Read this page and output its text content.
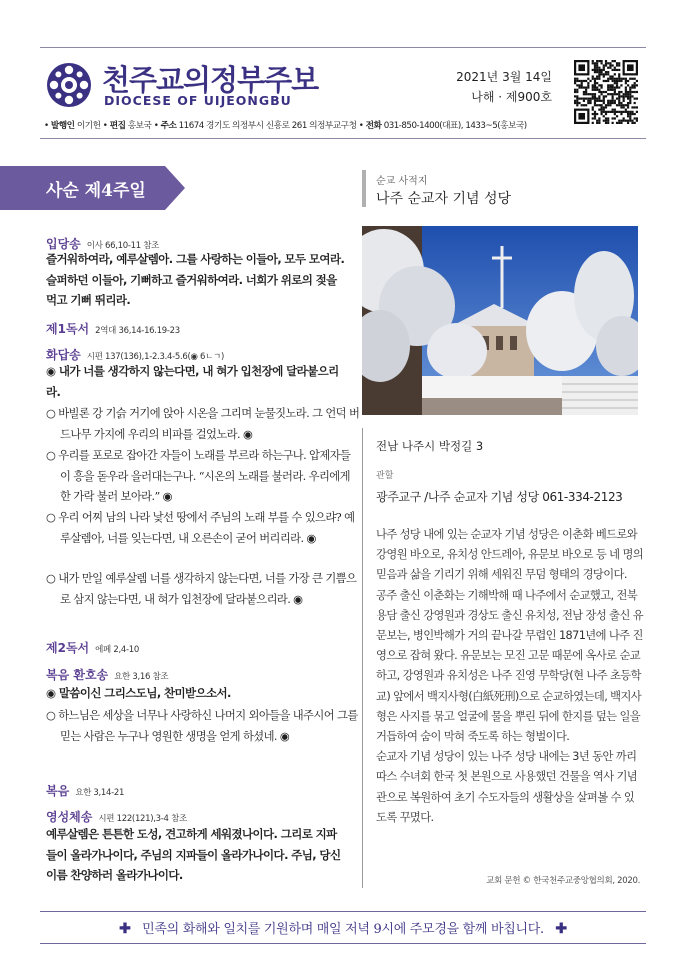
천주교의정부주보
DIOCESE OF UIJEONGBU
2021년 3월 14일
나해 · 제900호
• 발행인 이기헌 • 편집 홍보국 • 주소 11674 경기도 의정부시 신흥로 261 의정부교구청 • 전화 031-850-1400(대표), 1433~5(홍보국)
사순 제4주일
입당송 이사 66,10-11 참조
즐거워하여라, 예루살렘아. 그를 사랑하는 이들아, 모두 모여라. 슬퍼하던 이들아, 기뻐하고 즐거워하여라. 너희가 위로의 젖을 먹고 기뻐 뛰리라.
제1독서 2역대 36,14-16.19-23
화답송 시편 137(136),1-2.3.4-5.6(◉ 6ㄴㄱ)
◉ 내가 너를 생각하지 않는다면, 내 혀가 입천장에 달라붙으리라.
○ 바빌론 강 기슭 거기에 앉아 시온을 그리며 눈물짓노라. 그 언덕 버드나무 가지에 우리의 비파를 걸었노라. ◉
○ 우리를 포로로 잡아간 자들이 노래를 부르라 하는구나. 압제자들이 흥을 돋우라 을러대는구나. “시온의 노래를 불러라. 우리에게 한 가락 불러 보아라.” ◉
○ 우리 어찌 남의 나라 낯선 땅에서 주님의 노래 부를 수 있으랴? 예루살렘아, 너를 잊는다면, 내 오른손이 굳어 버리리라. ◉
○ 내가 만일 예루살렘 너를 생각하지 않는다면, 너를 가장 큰 기쁨으로 삼지 않는다면, 내 혀가 입천장에 달라붙으리라. ◉
제2독서 에페 2,4-10
복음 환호송 요한 3,16 참조
◉ 말씀이신 그리스도님, 찬미받으소서.
○ 하느님은 세상을 너무나 사랑하신 나머지 외아들을 내주시어 그를 믿는 사람은 누구나 영원한 생명을 얻게 하셨네. ◉
복음 요한 3,14-21
영성체송 시편 122(121),3-4 참조
예루살렘은 튼튼한 도성, 견고하게 세워졌나이다. 그리로 지파들이 올라가나이다, 주님의 지파들이 올라가나이다. 주님, 당신 이름 찬양하러 올라가나이다.
순교 사적지
나주 순교자 기념 성당
전남 나주시 박정길 3
관할
광주교구 /나주 순교자 기념 성당 061-334-2123

나주 성당 내에 있는 순교자 기념 성당은 이춘화 베드로와 강영원 바오로, 유치성 안드레아, 유문보 바오로 등 네 명의 믿음과 삶을 기리기 위해 세워진 무덤 형태의 경당이다.

공주 출신 이춘화는 기해박해 때 나주에서 순교했고, 전북 용담 출신 강영원과 경상도 출신 유치성, 전남 장성 출신 유문보는, 병인박해가 거의 끝나갈 무렵인 1871년에 나주 진영으로 잡혀 왔다. 유문보는 모진 고문 때문에 옥사로 순교하고, 강영원과 유치성은 나주 진영 무학당(현 나주 초등학교) 앞에서 백지사형(白紙死刑)으로 순교하였는데, 백지사형은 사지를 묶고 얼굴에 물을 뿌린 뒤에 한지를 덮는 일을 거듭하여 숨이 막혀 죽도록 하는 형벌이다.

순교자 기념 성당이 있는 나주 성당 내에는 3년 동안 까리따스 수녀회 한국 첫 본원으로 사용했던 건물을 역사 기념관으로 복원하여 초기 수도자들의 생활상을 살펴볼 수 있도록 꾸몄다.

교회 문헌 © 한국천주교중앙협의회, 2020.
✚ 민족의 화해와 일치를 기원하며 매일 저녁 9시에 주모경을 함께 바칩니다. ✚
